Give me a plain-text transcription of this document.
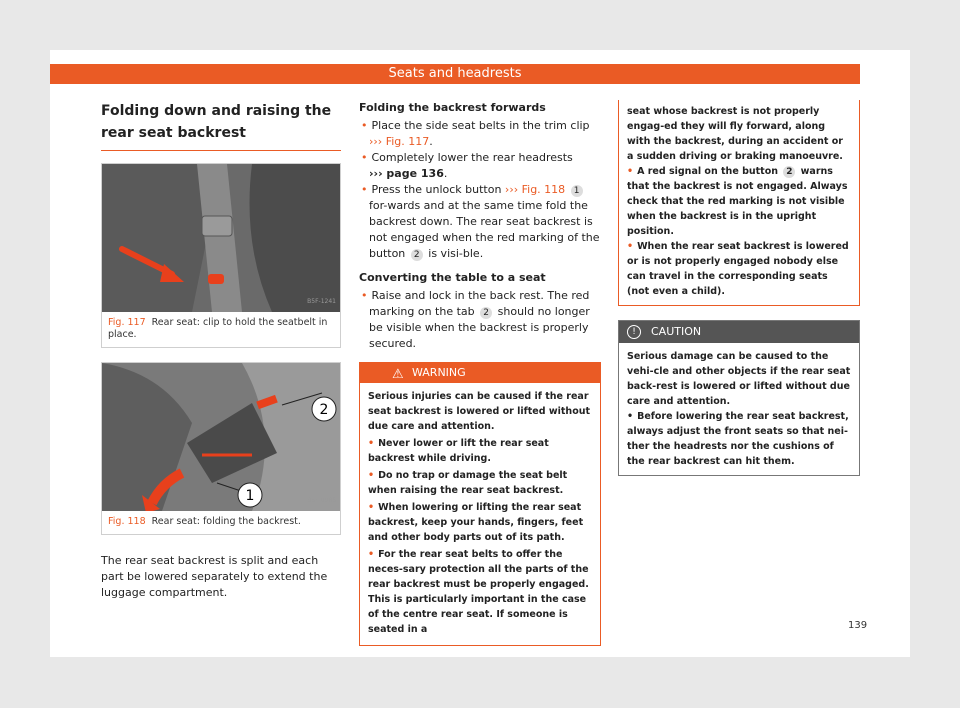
Seats and headrests
Folding down and raising the rear seat backrest
B5F-1241
Fig. 117 Rear seat: clip to hold the seatbelt in place.
2
1	B5F-0986
Fig. 118 Rear seat: folding the backrest.

The rear seat backrest is split and each part be lowered separately to extend the luggage compartment.

Folding the backrest forwards

• Place the side seat belts in the trim clip
››› Fig. 117.

• Completely lower the rear headrests
››› page 136.

• Press the unlock button ››› Fig. 118 1 for-wards and at the same time fold the backrest down. The rear seat backrest is not engaged when the red marking of the button 2 is visi-ble.

Converting the table to a seat

• Raise and lock in the back rest. The red marking on the tab 2 should no longer be visible when the backrest is properly secured.

⚠ WARNING

Serious injuries can be caused if the rear seat backrest is lowered or lifted without due care and attention.

• Never lower or lift the rear seat backrest while driving.

• Do no trap or damage the seat belt when raising the rear seat backrest.

• When lowering or lifting the rear seat backrest, keep your hands, fingers, feet and other body parts out of its path.

• For the rear seat belts to offer the neces-sary protection all the parts of the rear backrest must be properly engaged. This is particularly important in the case of the centre rear seat. If someone is seated in a

seat whose backrest is not properly engag-ed they will fly forward, along with the backrest, during an accident or a sudden driving or braking manoeuvre.

• A red signal on the button 2 warns that the backrest is not engaged. Always check that the red marking is not visible when the backrest is in the upright position.

• When the rear seat backrest is lowered or is not properly engaged nobody else can travel in the corresponding seats (not even a child).

!	CAUTION

Serious damage can be caused to the vehi-cle and other objects if the rear seat back-rest is lowered or lifted without due care and attention.

• Before lowering the rear seat backrest, always adjust the front seats so that nei-ther the headrests nor the cushions of the rear backrest can hit them.

139
